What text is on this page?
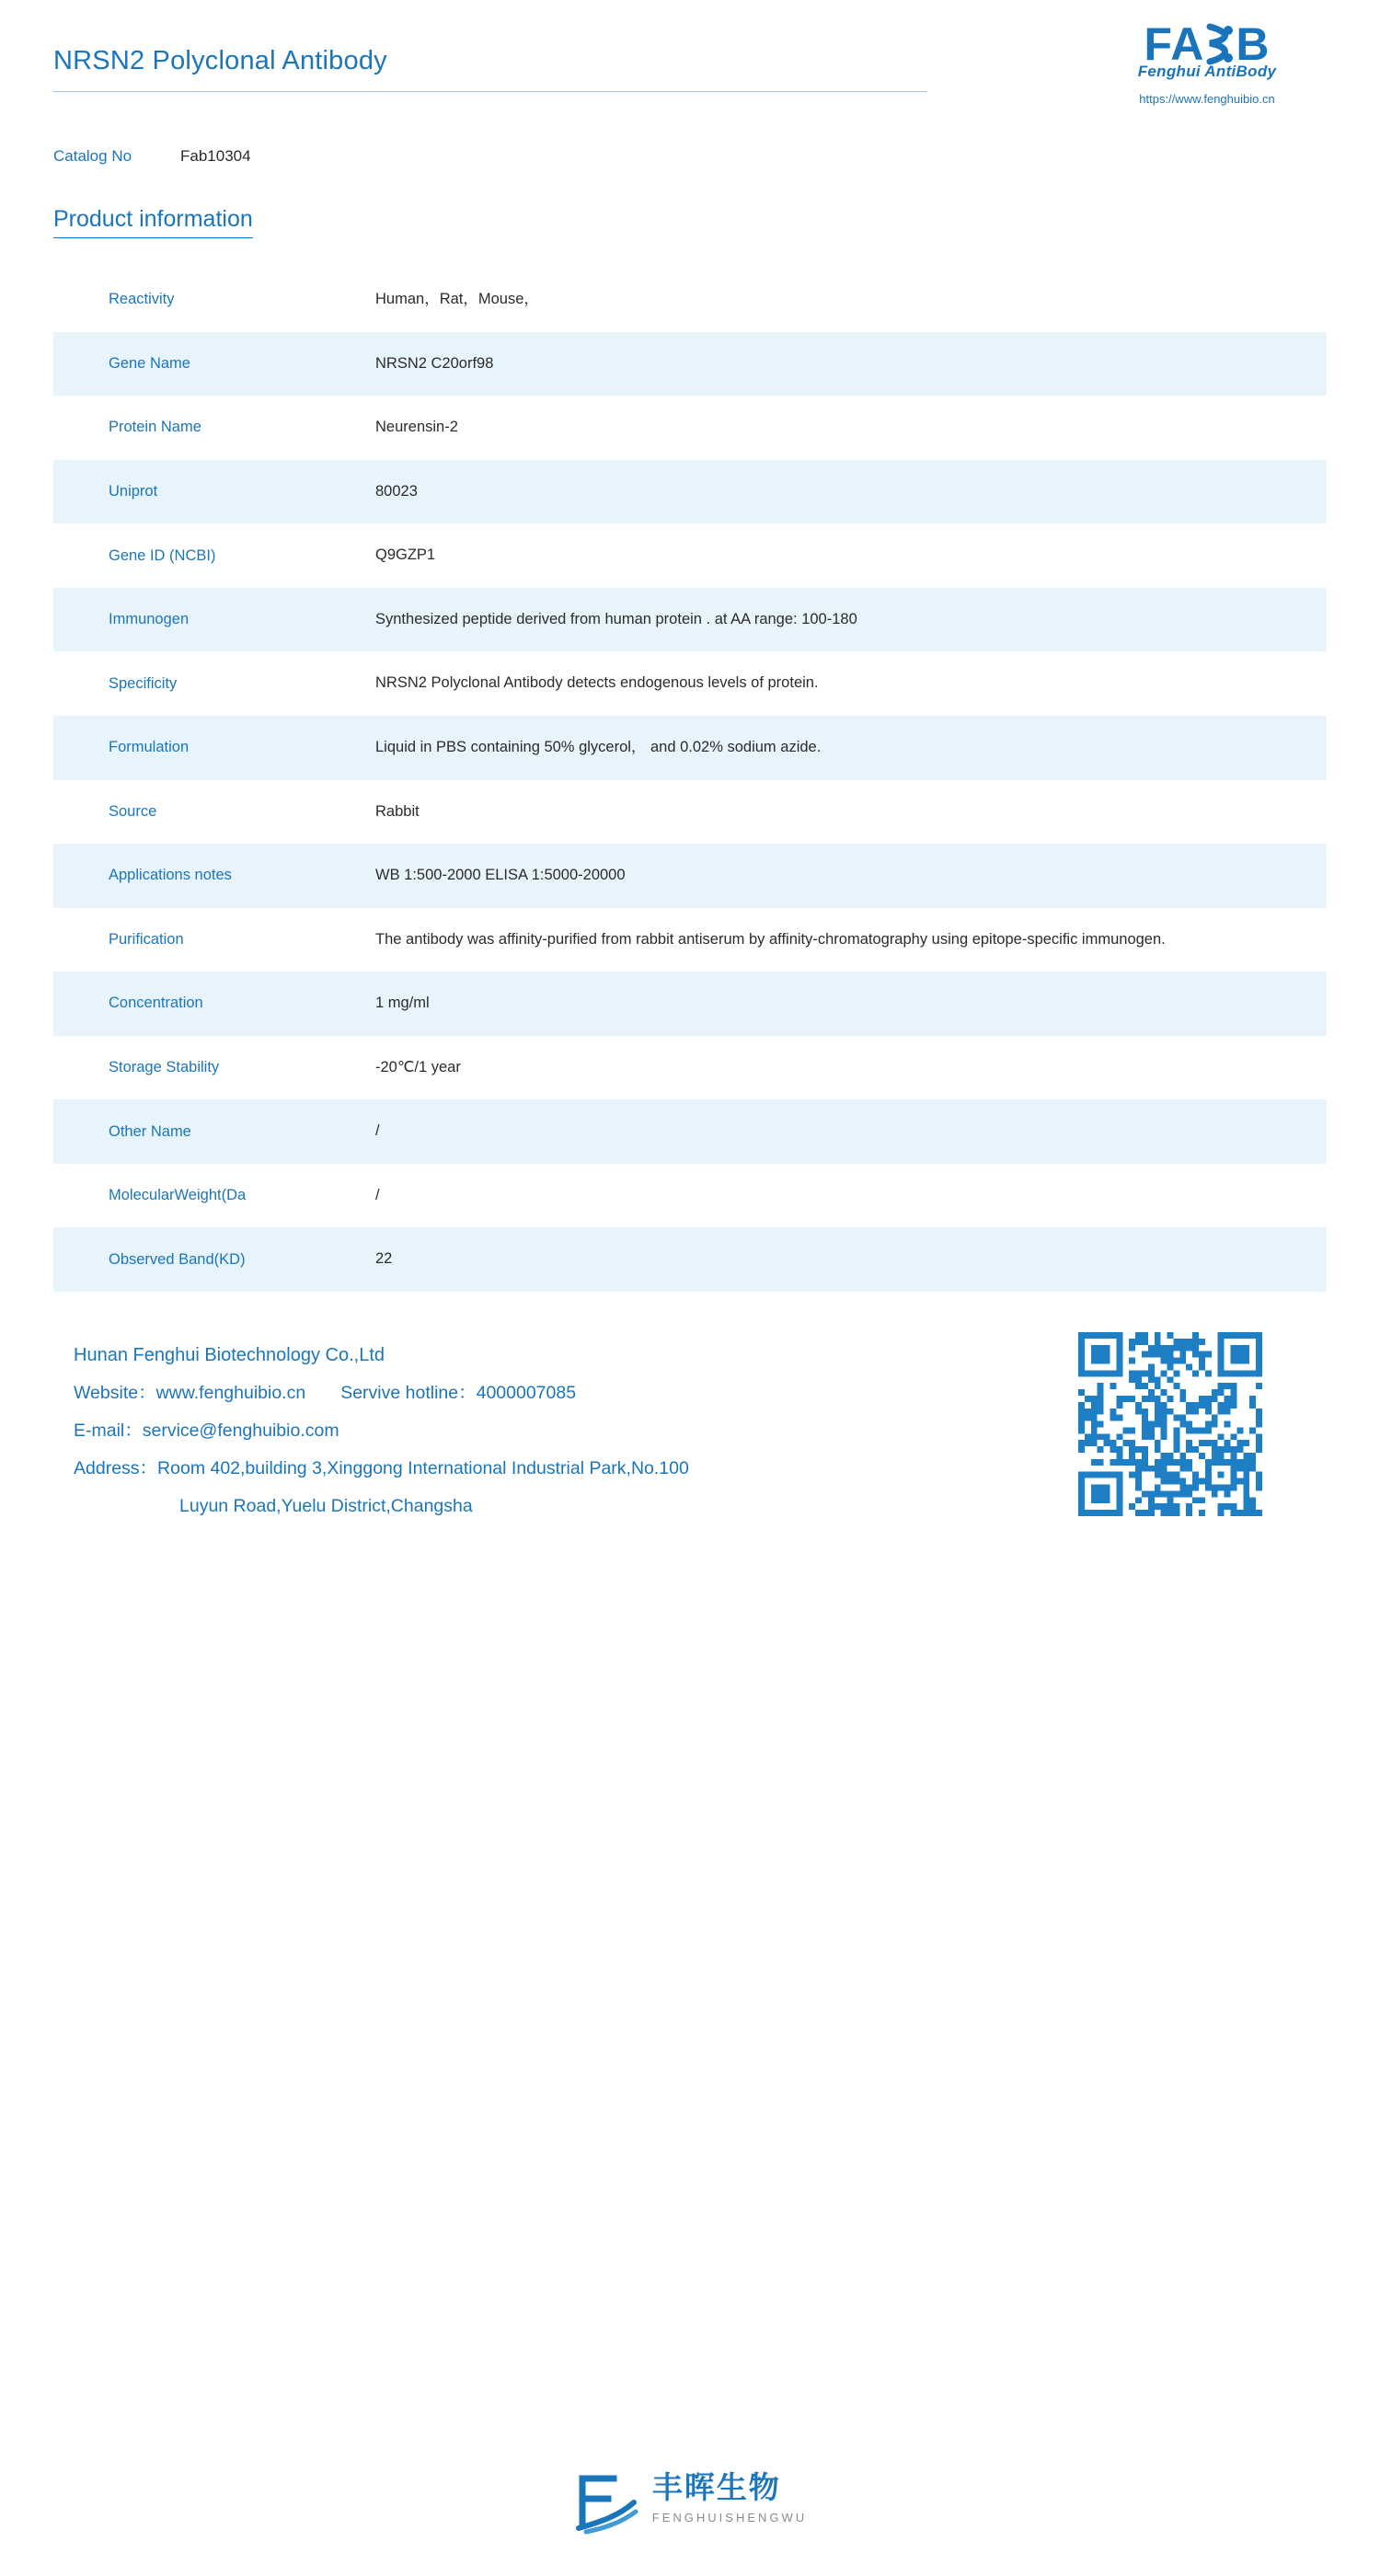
NRSN2 Polyclonal Antibody	FA B
Fenghui AntiBody
https://www.fenghuibio.cn
Catalog No	Fab10304
Product information
Reactivity	Human，Rat，Mouse，
Gene Name	NRSN2 C20orf98
Protein Name	Neurensin-2
Uniprot	80023
Gene ID (NCBI)	Q9GZP1
Immunogen	Synthesized peptide derived from human protein . at AA range: 100-180
Specificity	NRSN2 Polyclonal Antibody detects endogenous levels of protein.
Formulation	Liquid in PBS containing 50% glycerol， and 0.02% sodium azide.
Source	Rabbit
Applications notes	WB 1:500-2000 ELISA 1:5000-20000
Purification	The antibody was affinity-purified from rabbit antiserum by affinity-chromatography using epitope-specific immunogen.
Concentration	1 mg/ml
Storage Stability	-20℃/1 year
Other Name	/
MolecularWeight(Da	/
Observed Band(KD)	22
Hunan Fenghui Biotechnology Co.,Ltd
Website：www.fenghuibio.cn Servive hotline：4000007085
E-mail：service@fenghuibio.com
Address：Room 402,building 3,Xinggong International Industrial Park,No.100
Luyun Road,Yuelu District,Changsha
丰晖生物
FENGHUISHENGWU
